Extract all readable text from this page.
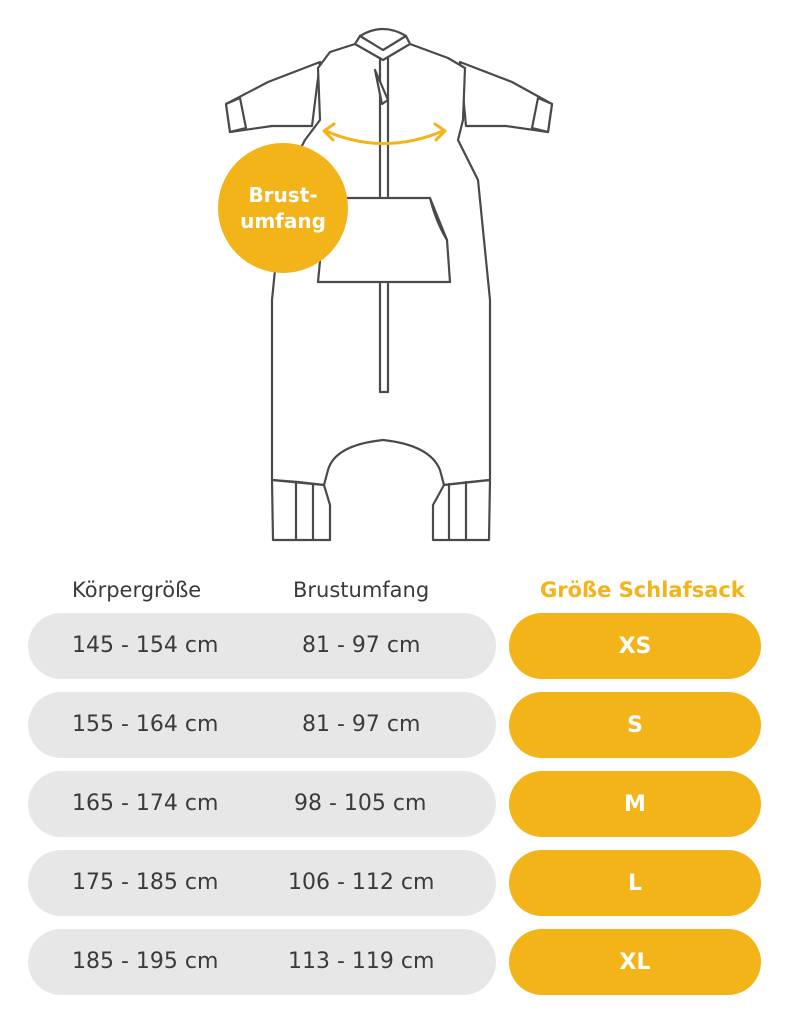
Brust-
umfang
Körpergröße	Brustumfang	Größe Schlafsack
145 - 154 cm	81 - 97 cm	XS
155 - 164 cm	81 - 97 cm	S
165 - 174 cm	98 - 105 cm	M
175 - 185 cm	106 - 112 cm	L
185 - 195 cm	113 - 119 cm	XL
